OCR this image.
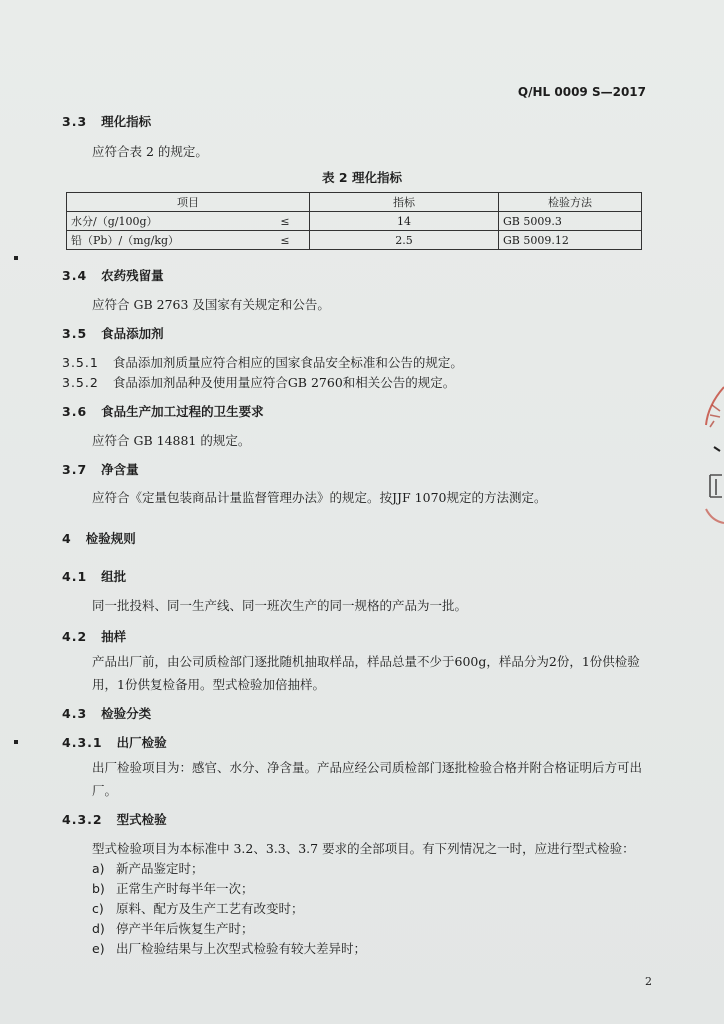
Q/HL 0009 S—2017
3.3 理化指标
应符合表 2 的规定。
表 2 理化指标
项目		指标	检验方法
水分/（g/100g）	≤	14	GB 5009.3
铅（Pb）/（mg/kg）	≤	2.5	GB 5009.12
3.4 农药残留量
应符合 GB 2763 及国家有关规定和公告。
3.5 食品添加剂
3.5.1 食品添加剂质量应符合相应的国家食品安全标准和公告的规定。
3.5.2 食品添加剂品种及使用量应符合GB 2760和相关公告的规定。
3.6 食品生产加工过程的卫生要求
应符合 GB 14881 的规定。
3.7 净含量
应符合《定量包装商品计量监督管理办法》的规定。按JJF 1070规定的方法测定。
4 检验规则
4.1 组批
同一批投料、同一生产线、同一班次生产的同一规格的产品为一批。
4.2 抽样
产品出厂前，由公司质检部门逐批随机抽取样品，样品总量不少于600g，样品分为2份，1份供检验用，1份供复检备用。型式检验加倍抽样。
4.3 检验分类
4.3.1 出厂检验
出厂检验项目为：感官、水分、净含量。产品应经公司质检部门逐批检验合格并附合格证明后方可出厂。
4.3.2 型式检验
型式检验项目为本标准中 3.2、3.3、3.7 要求的全部项目。有下列情况之一时，应进行型式检验：
a) 新产品鉴定时；
b) 正常生产时每半年一次；
c) 原料、配方及生产工艺有改变时；
d) 停产半年后恢复生产时；
e) 出厂检验结果与上次型式检验有较大差异时；
2
